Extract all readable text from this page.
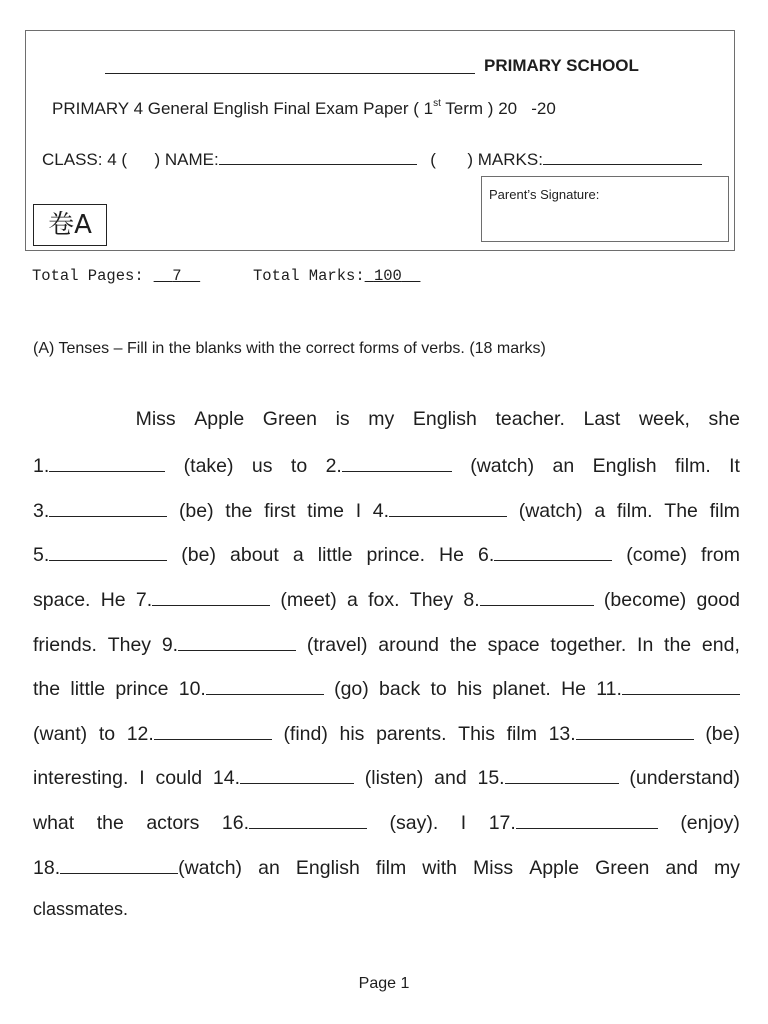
PRIMARY SCHOOL
PRIMARY 4 General English Final Exam Paper ( 1st Term ) 20   -20
CLASS: 4 ( ) NAME:	( ) MARKS:
Parent’s Signature:
卷A
Total Pages: 7	Total Marks: 100
(A) Tenses – Fill in the blanks with the correct forms of verbs. (18 marks)
Miss Apple Green is my English teacher. Last week, she
1.	(take) us to 2.	(watch) an English film. It
3.	(be) the first time I 4.	(watch) a film. The film
5.	(be) about a little prince. He 6.	(come) from
space. He 7.	(meet) a fox. They 8.	(become) good
friends. They 9.	(travel) around the space together. In the end,
the little prince 10.	(go) back to his planet. He 11.
(want) to 12.	(find) his parents. This film 13.	(be)
interesting. I could 14.	(listen) and 15.	(understand)
what the actors 16.	(say). I 17.	(enjoy)
18.	(watch) an English film with Miss Apple Green and my
classmates.
Page 1
